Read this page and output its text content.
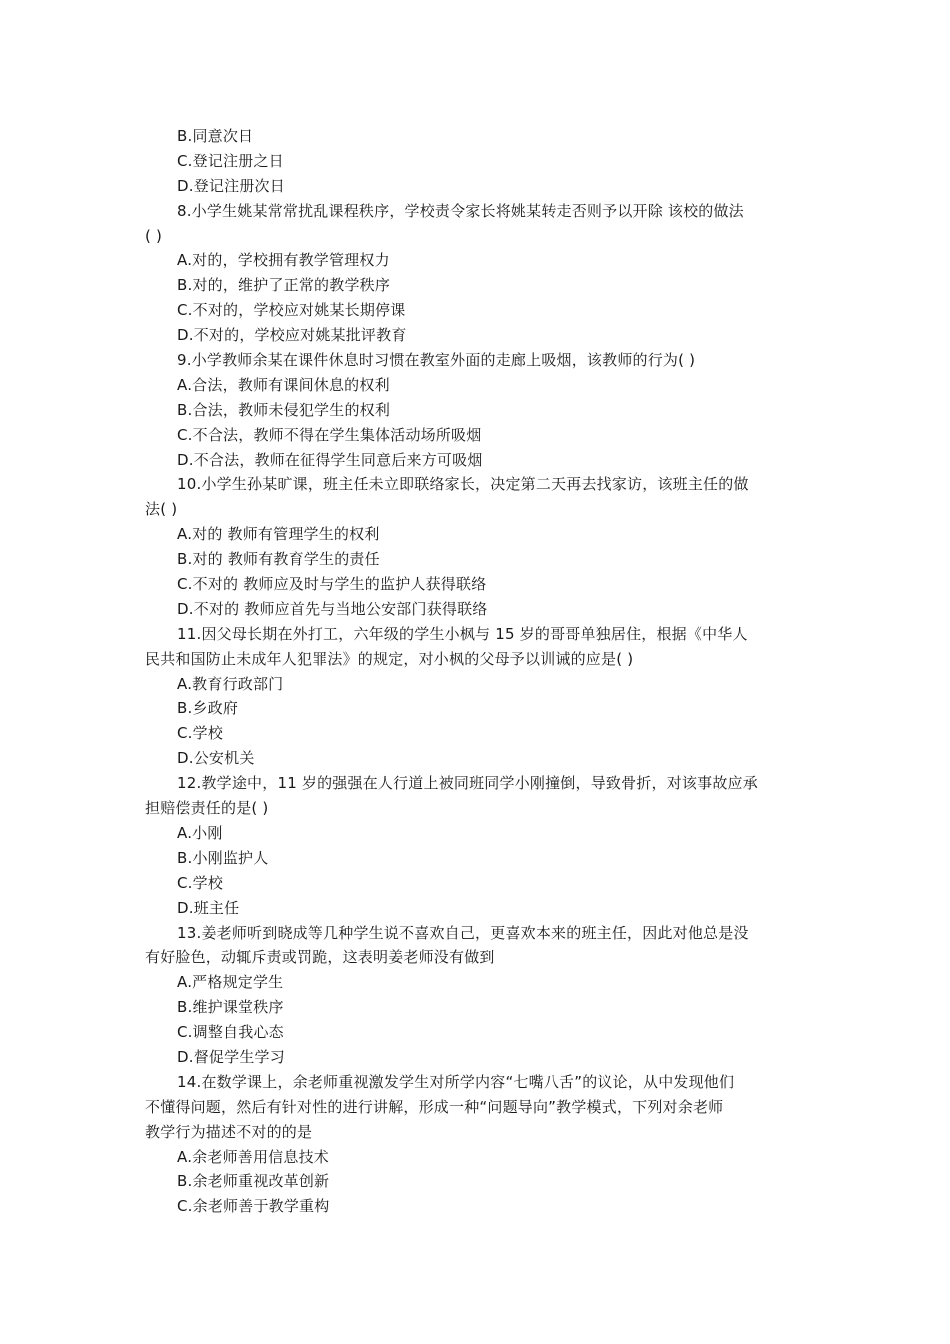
B.同意次日
C.登记注册之日
D.登记注册次日
8.小学生姚某常常扰乱课程秩序，学校责令家长将姚某转走否则予以开除 该校的做法
( )
A.对的，学校拥有教学管理权力
B.对的，维护了正常的教学秩序
C.不对的，学校应对姚某长期停课
D.不对的，学校应对姚某批评教育
9.小学教师余某在课件休息时习惯在教室外面的走廊上吸烟，该教师的行为( )
A.合法，教师有课间休息的权利
B.合法，教师未侵犯学生的权利
C.不合法，教师不得在学生集体活动场所吸烟
D.不合法，教师在征得学生同意后来方可吸烟
10.小学生孙某旷课，班主任未立即联络家长，决定第二天再去找家访，该班主任的做
法( )
A.对的 教师有管理学生的权利
B.对的 教师有教育学生的责任
C.不对的 教师应及时与学生的监护人获得联络
D.不对的 教师应首先与当地公安部门获得联络
11.因父母长期在外打工，六年级的学生小枫与 15 岁的哥哥单独居住，根据《中华人
民共和国防止未成年人犯罪法》的规定，对小枫的父母予以训诫的应是( )
A.教育行政部门
B.乡政府
C.学校
D.公安机关
12.教学途中，11 岁的强强在人行道上被同班同学小刚撞倒，导致骨折，对该事故应承
担赔偿责任的是( )
A.小刚
B.小刚监护人
C.学校
D.班主任
13.姜老师听到晓成等几种学生说不喜欢自己，更喜欢本来的班主任，因此对他总是没
有好脸色，动辄斥责或罚跪，这表明姜老师没有做到
A.严格规定学生
B.维护课堂秩序
C.调整自我心态
D.督促学生学习
14.在数学课上，余老师重视激发学生对所学内容“七嘴八舌”的议论，从中发现他们
不懂得问题，然后有针对性的进行讲解，形成一种“问题导向”教学模式，下列对余老师
教学行为描述不对的的是
A.余老师善用信息技术
B.余老师重视改革创新
C.余老师善于教学重构
